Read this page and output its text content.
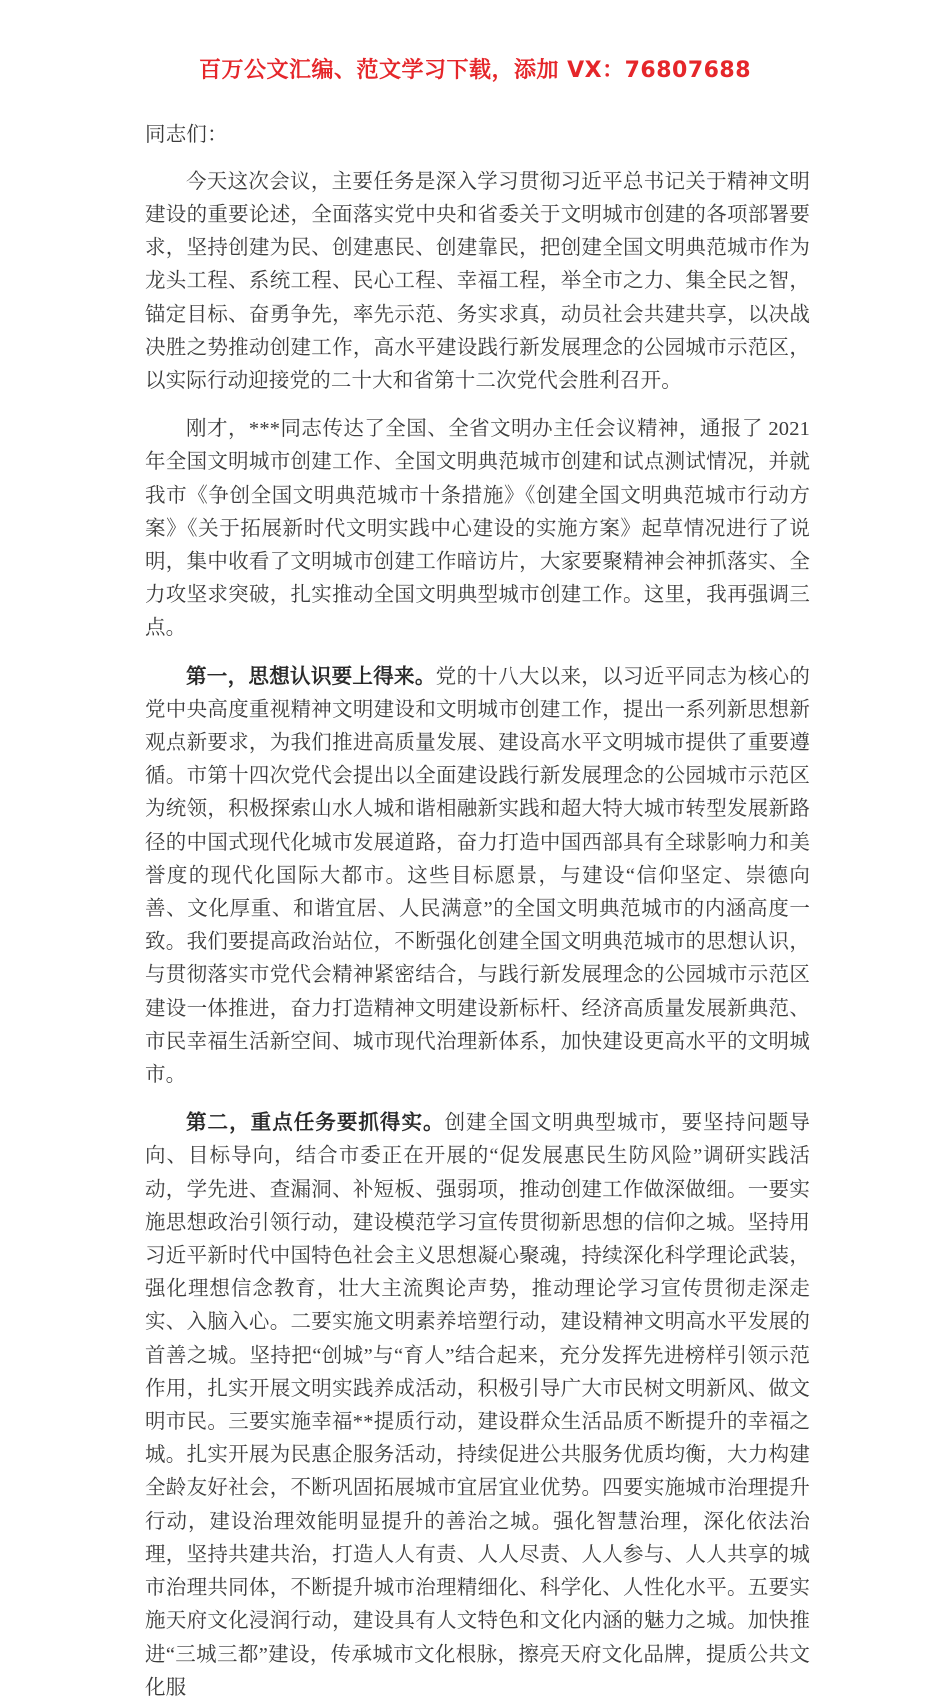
百万公文汇编、范文学习下载，添加 VX：76807688

同志们：

今天这次会议，主要任务是深入学习贯彻习近平总书记关于精神文明建设的重要论述，全面落实党中央和省委关于文明城市创建的各项部署要求，坚持创建为民、创建惠民、创建靠民，把创建全国文明典范城市作为龙头工程、系统工程、民心工程、幸福工程，举全市之力、集全民之智，锚定目标、奋勇争先，率先示范、务实求真，动员社会共建共享，以决战决胜之势推动创建工作，高水平建设践行新发展理念的公园城市示范区，以实际行动迎接党的二十大和省第十二次党代会胜利召开。

刚才，***同志传达了全国、全省文明办主任会议精神，通报了 2021 年全国文明城市创建工作、全国文明典范城市创建和试点测试情况，并就我市《争创全国文明典范城市十条措施》《创建全国文明典范城市行动方案》《关于拓展新时代文明实践中心建设的实施方案》起草情况进行了说明，集中收看了文明城市创建工作暗访片，大家要聚精神会神抓落实、全力攻坚求突破，扎实推动全国文明典型城市创建工作。这里，我再强调三点。

第一，思想认识要上得来。党的十八大以来，以习近平同志为核心的党中央高度重视精神文明建设和文明城市创建工作，提出一系列新思想新观点新要求，为我们推进高质量发展、建设高水平文明城市提供了重要遵循。市第十四次党代会提出以全面建设践行新发展理念的公园城市示范区为统领，积极探索山水人城和谐相融新实践和超大特大城市转型发展新路径的中国式现代化城市发展道路，奋力打造中国西部具有全球影响力和美誉度的现代化国际大都市。这些目标愿景，与建设“信仰坚定、崇德向善、文化厚重、和谐宜居、人民满意”的全国文明典范城市的内涵高度一致。我们要提高政治站位，不断强化创建全国文明典范城市的思想认识，与贯彻落实市党代会精神紧密结合，与践行新发展理念的公园城市示范区建设一体推进，奋力打造精神文明建设新标杆、经济高质量发展新典范、市民幸福生活新空间、城市现代治理新体系，加快建设更高水平的文明城市。

第二，重点任务要抓得实。创建全国文明典型城市，要坚持问题导向、目标导向，结合市委正在开展的“促发展惠民生防风险”调研实践活动，学先进、查漏洞、补短板、强弱项，推动创建工作做深做细。一要实施思想政治引领行动，建设模范学习宣传贯彻新思想的信仰之城。坚持用习近平新时代中国特色社会主义思想凝心聚魂，持续深化科学理论武装，强化理想信念教育，壮大主流舆论声势，推动理论学习宣传贯彻走深走实、入脑入心。二要实施文明素养培塑行动，建设精神文明高水平发展的首善之城。坚持把“创城”与“育人”结合起来，充分发挥先进榜样引领示范作用，扎实开展文明实践养成活动，积极引导广大市民树文明新风、做文明市民。三要实施幸福**提质行动，建设群众生活品质不断提升的幸福之城。扎实开展为民惠企服务活动，持续促进公共服务优质均衡，大力构建全龄友好社会，不断巩固拓展城市宜居宜业优势。四要实施城市治理提升行动，建设治理效能明显提升的善治之城。强化智慧治理，深化依法治理，坚持共建共治，打造人人有责、人人尽责、人人参与、人人共享的城市治理共同体，不断提升城市治理精细化、科学化、人性化水平。五要实施天府文化浸润行动，建设具有人文特色和文化内涵的魅力之城。加快推进“三城三都”建设，传承城市文化根脉，擦亮天府文化品牌，提质公共文化服
